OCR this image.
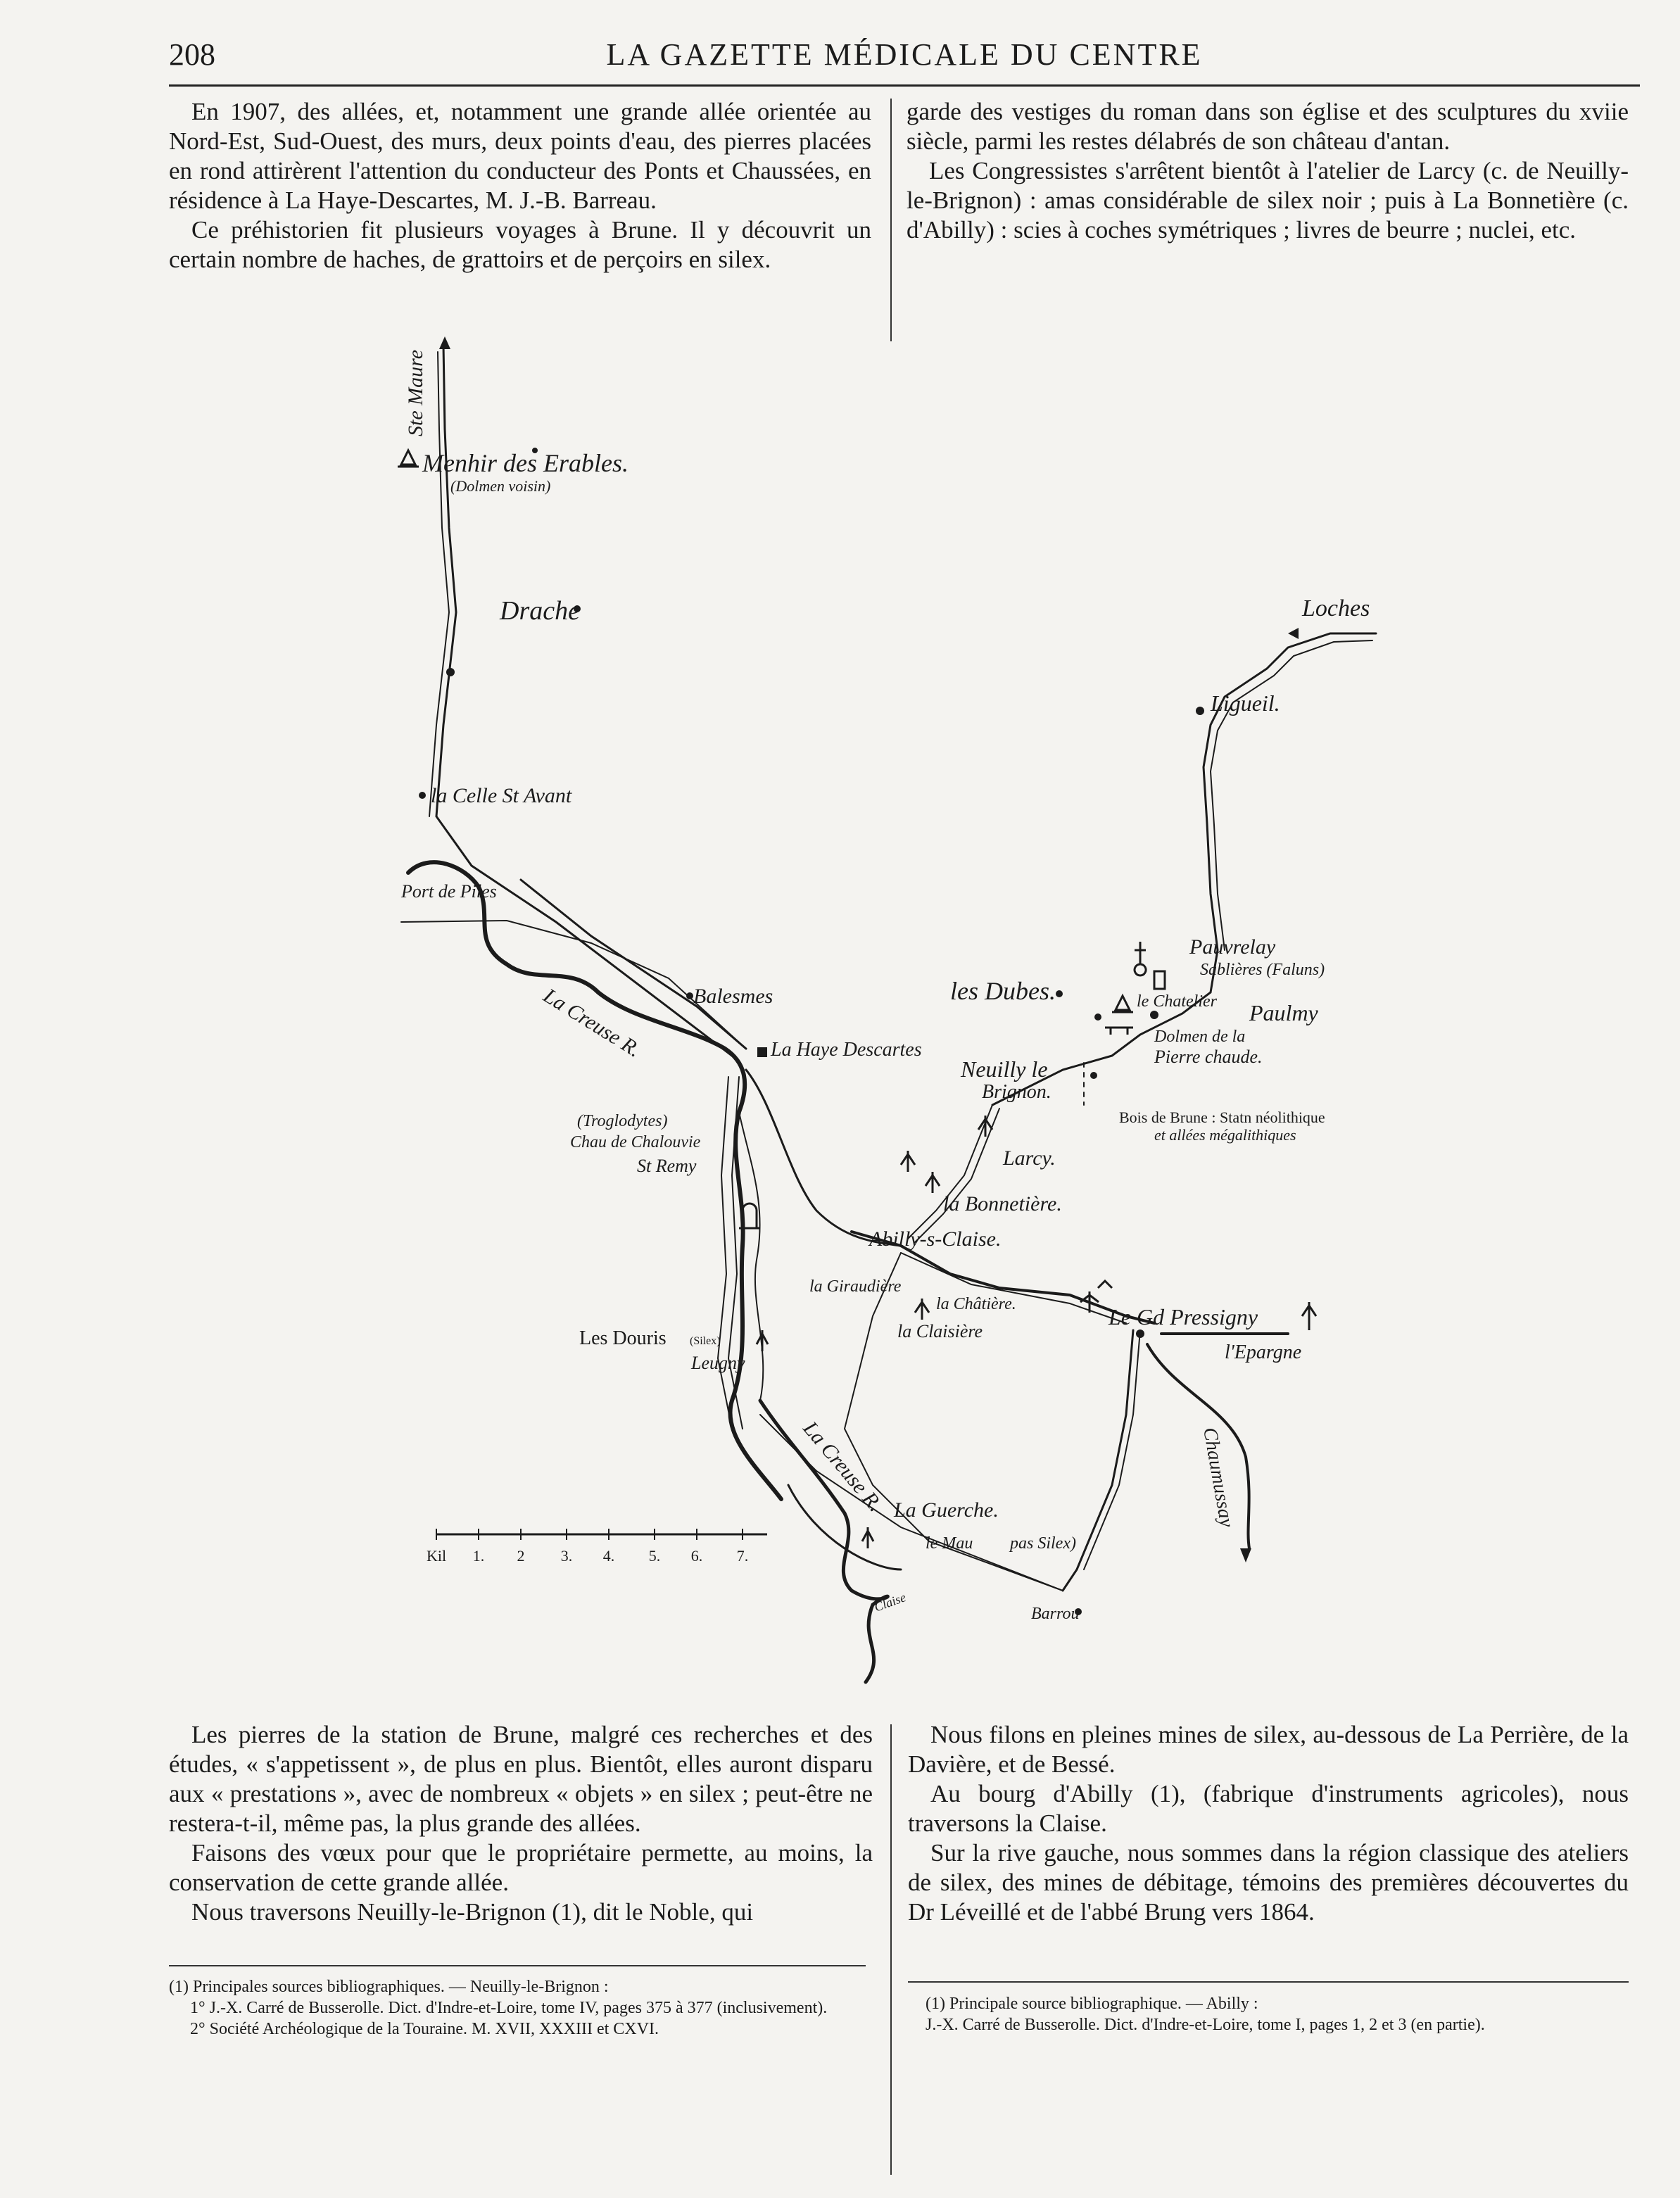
208	LA GAZETTE MÉDICALE DU CENTRE

En 1907, des allées, et, notamment une grande allée orientée au Nord-Est, Sud-Ouest, des murs, deux points d'eau, des pierres placées en rond attirèrent l'attention du conducteur des Ponts et Chaussées, en résidence à La Haye-Descartes, M. J.-B. Barreau.

Ce préhistorien fit plusieurs voyages à Brune. Il y découvrit un certain nombre de haches, de grattoirs et de perçoirs en silex.

garde des vestiges du roman dans son église et des sculptures du xviie siècle, parmi les restes délabrés de son château d'antan.

Les Congressistes s'arrêtent bientôt à l'atelier de Larcy (c. de Neuilly-le-Brignon) : amas considérable de silex noir ; puis à La Bonnetière (c. d'Abilly) : scies à coches symétriques ; livres de beurre ; nuclei, etc.

Kil 1. 2 3. 4. 5. 6. 7.
Ste Maure
Menhir des Erables.
(Dolmen voisin)
Drache
la Celle St Avant
Port de Piles
Balesmes
La Creuse R.	La Haye Descartes
(Troglodytes)
Chau de Chalouvie
St Remy
les Dubes.
Neuilly le
Brignon.
Larcy.
la Bonnetière.
Abilly-s-Claise.
la Giraudière
la Châtière.
la Claisière
Le Gd Pressigny
l'Epargne
Les Douris (Silex)
Leugny
La Creuse R. La Guerche.
le Mau pas Silex)
Barrou
Claise
Chaumussay
Loches
Ligueil.
Pauvrelay
Sablières (Faluns)
le Chatelier Paulmy
Dolmen de la
Pierre chaude.
Bois de Brune : Statn néolithique
et allées mégalithiques

Les pierres de la station de Brune, malgré ces recherches et des études, « s'appetissent », de plus en plus. Bientôt, elles auront disparu aux « prestations », avec de nombreux « objets » en silex ; peut-être ne restera-t-il, même pas, la plus grande des allées.

Faisons des vœux pour que le propriétaire permette, au moins, la conservation de cette grande allée.

Nous traversons Neuilly-le-Brignon (1), dit le Noble, qui

Nous filons en pleines mines de silex, au-dessous de La Perrière, de la Davière, et de Bessé.

Au bourg d'Abilly (1), (fabrique d'instruments agricoles), nous traversons la Claise.

Sur la rive gauche, nous sommes dans la région classique des ateliers de silex, des mines de débitage, témoins des premières découvertes du Dr Léveillé et de l'abbé Brung vers 1864.

(1) Principales sources bibliographiques. — Neuilly-le-Brignon :
1° J.-X. Carré de Busserolle. Dict. d'Indre-et-Loire, tome IV, pages 375 à 377 (inclusivement).
2° Société Archéologique de la Touraine. M. XVII, XXXIII et CXVI.
(1) Principale source bibliographique. — Abilly :
J.-X. Carré de Busserolle. Dict. d'Indre-et-Loire, tome I, pages 1, 2 et 3 (en partie).
